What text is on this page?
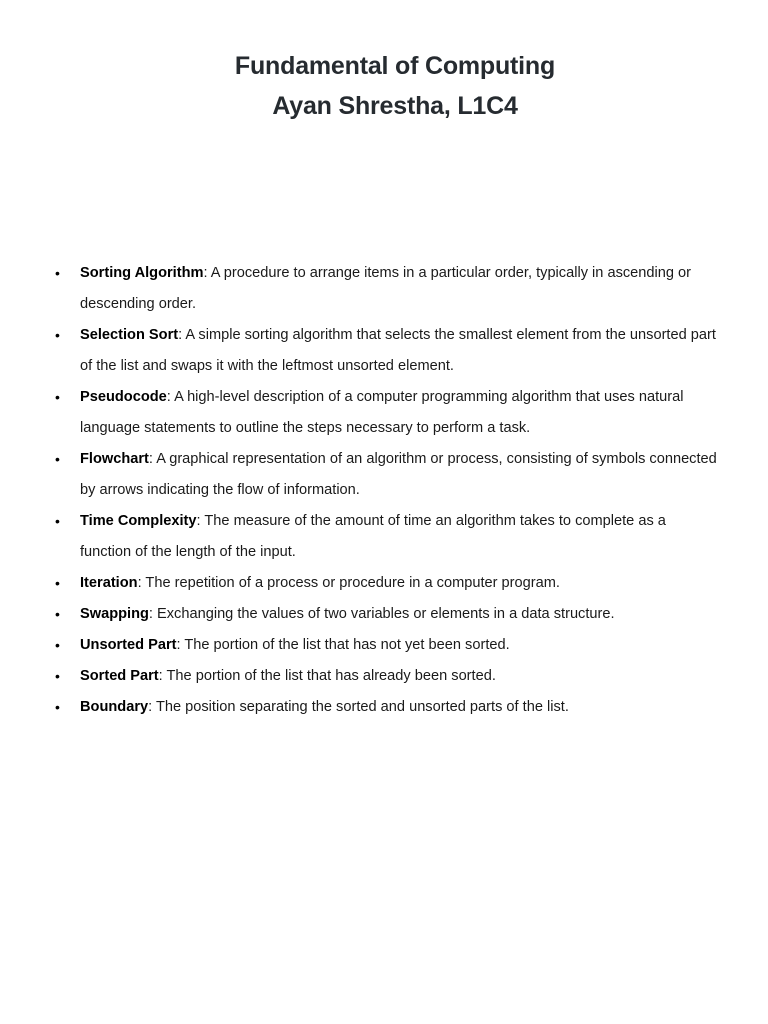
Fundamental of Computing
Ayan Shrestha, L1C4
• Sorting Algorithm: A procedure to arrange items in a particular order, typically in ascending or descending order.
• Selection Sort: A simple sorting algorithm that selects the smallest element from the unsorted part of the list and swaps it with the leftmost unsorted element.
• Pseudocode: A high-level description of a computer programming algorithm that uses natural language statements to outline the steps necessary to perform a task.
• Flowchart: A graphical representation of an algorithm or process, consisting of symbols connected by arrows indicating the flow of information.
• Time Complexity: The measure of the amount of time an algorithm takes to complete as a function of the length of the input.
• Iteration: The repetition of a process or procedure in a computer program.
• Swapping: Exchanging the values of two variables or elements in a data structure.
• Unsorted Part: The portion of the list that has not yet been sorted.
• Sorted Part: The portion of the list that has already been sorted.
• Boundary: The position separating the sorted and unsorted parts of the list.
